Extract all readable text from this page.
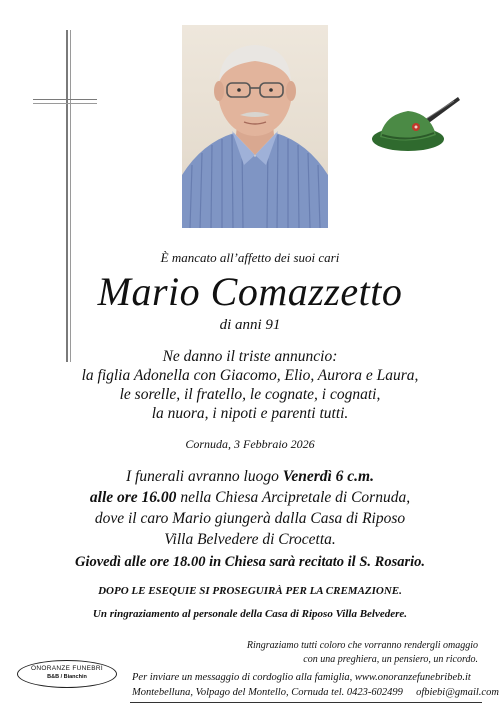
È mancato all’affetto dei suoi cari
Mario Comazzetto
di anni 91
Ne danno il triste annuncio:
la figlia Adonella con Giacomo, Elio, Aurora e Laura,
le sorelle, il fratello, le cognate, i cognati,
la nuora, i nipoti e parenti tutti.
Cornuda, 3 Febbraio 2026
I funerali avranno luogo Venerdì 6 c.m.
alle ore 16.00 nella Chiesa Arcipretale di Cornuda,
dove il caro Mario giungerà dalla Casa di Riposo
Villa Belvedere di Crocetta.
Giovedì alle ore 18.00 in Chiesa sarà recitato il S. Rosario.
DOPO LE ESEQUIE SI PROSEGUIRÀ PER LA CREMAZIONE.
Un ringraziamento al personale della Casa di Riposo Villa Belvedere.
Ringraziamo tutti coloro che vorranno rendergli omaggio
con una preghiera, un pensiero, un ricordo.
ONORANZE FUNEBRI
B&B / Bianchin	Per inviare un messaggio di cordoglio alla famiglia, www.onoranzefunebribeb.it
Montebelluna, Volpago del Montello, Cornuda tel. 0423-602499     ofbiebi@gmail.com
